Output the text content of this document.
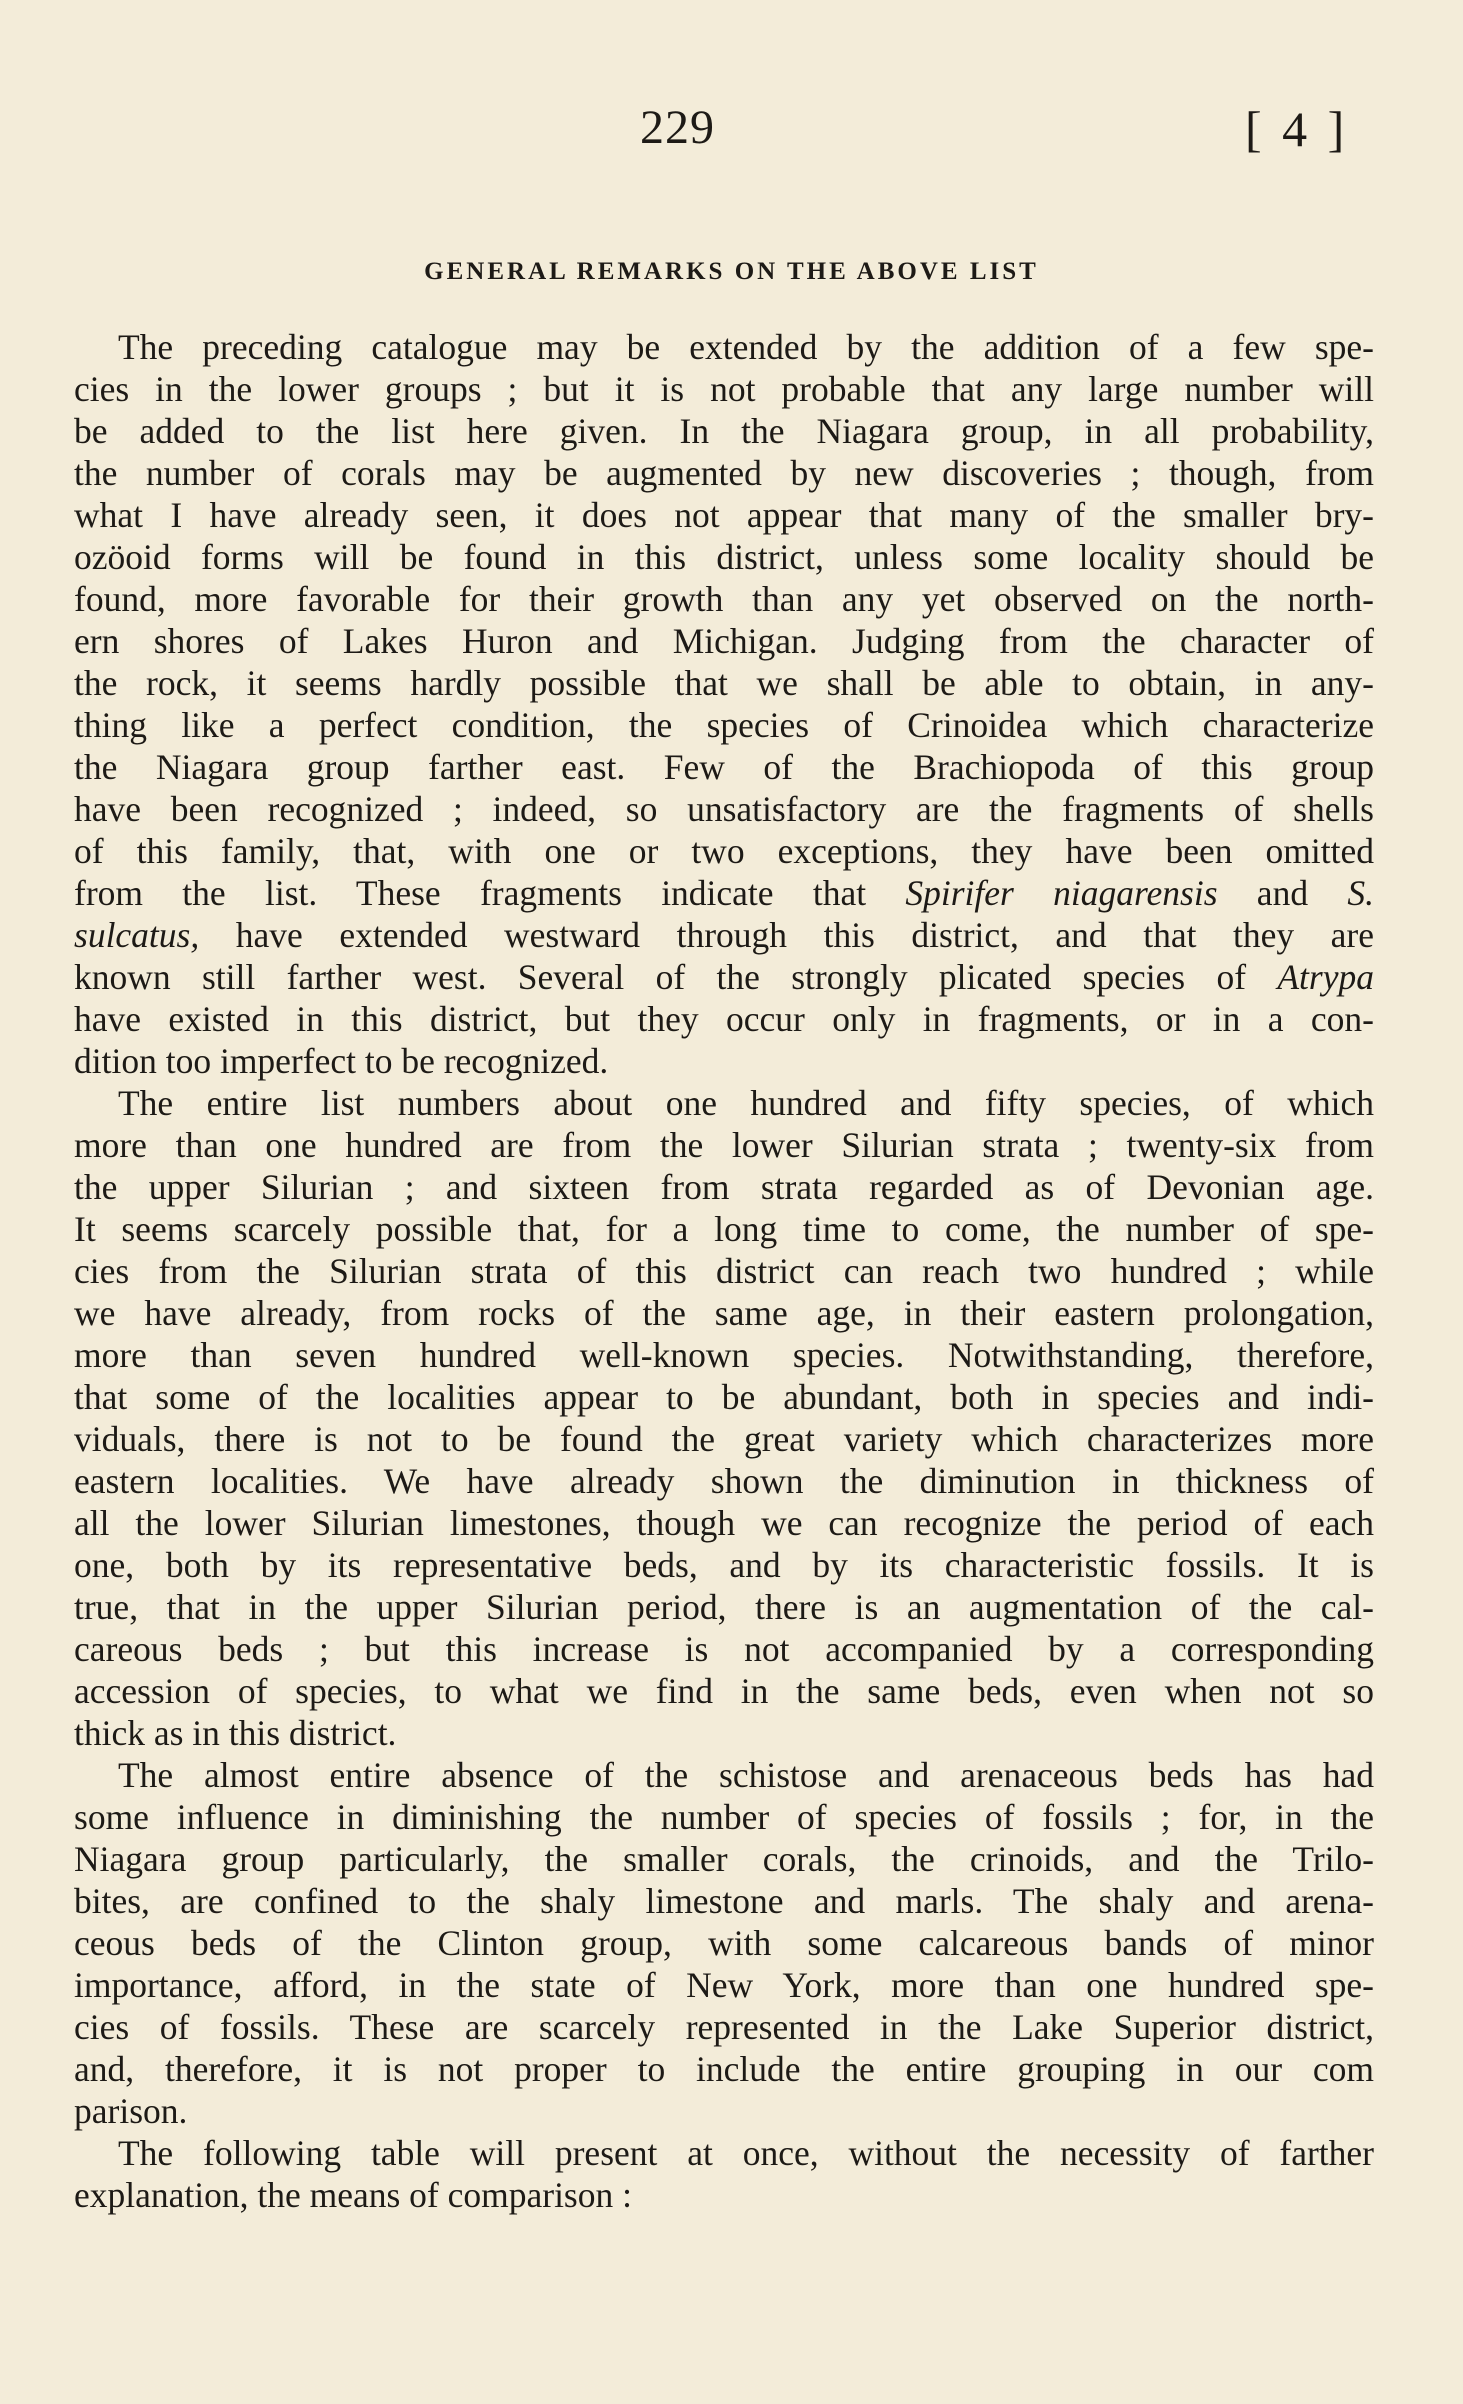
229	[ 4 ]
GENERAL REMARKS ON THE ABOVE LIST
The preceding catalogue may be extended by the addition of a few spe-
cies in the lower groups ; but it is not probable that any large number will
be added to the list here given. In the Niagara group, in all probability,
the number of corals may be augmented by new discoveries ; though, from
what I have already seen, it does not appear that many of the smaller bry-
ozöoid forms will be found in this district, unless some locality should be
found, more favorable for their growth than any yet observed on the north-
ern shores of Lakes Huron and Michigan. Judging from the character of
the rock, it seems hardly possible that we shall be able to obtain, in any-
thing like a perfect condition, the species of Crinoidea which characterize
the Niagara group farther east. Few of the Brachiopoda of this group
have been recognized ; indeed, so unsatisfactory are the fragments of shells
of this family, that, with one or two exceptions, they have been omitted
from the list. These fragments indicate that Spirifer niagarensis and S.
sulcatus, have extended westward through this district, and that they are
known still farther west. Several of the strongly plicated species of Atrypa
have existed in this district, but they occur only in fragments, or in a con-
dition too imperfect to be recognized.
The entire list numbers about one hundred and fifty species, of which
more than one hundred are from the lower Silurian strata ; twenty-six from
the upper Silurian ; and sixteen from strata regarded as of Devonian age.
It seems scarcely possible that, for a long time to come, the number of spe-
cies from the Silurian strata of this district can reach two hundred ; while
we have already, from rocks of the same age, in their eastern prolongation,
more than seven hundred well-known species. Notwithstanding, therefore,
that some of the localities appear to be abundant, both in species and indi-
viduals, there is not to be found the great variety which characterizes more
eastern localities. We have already shown the diminution in thickness of
all the lower Silurian limestones, though we can recognize the period of each
one, both by its representative beds, and by its characteristic fossils. It is
true, that in the upper Silurian period, there is an augmentation of the cal-
careous beds ; but this increase is not accompanied by a corresponding
accession of species, to what we find in the same beds, even when not so
thick as in this district.
The almost entire absence of the schistose and arenaceous beds has had
some influence in diminishing the number of species of fossils ; for, in the
Niagara group particularly, the smaller corals, the crinoids, and the Trilo-
bites, are confined to the shaly limestone and marls. The shaly and arena-
ceous beds of the Clinton group, with some calcareous bands of minor
importance, afford, in the state of New York, more than one hundred spe-
cies of fossils. These are scarcely represented in the Lake Superior district,
and, therefore, it is not proper to include the entire grouping in our com
parison.
The following table will present at once, without the necessity of farther
explanation, the means of comparison :
